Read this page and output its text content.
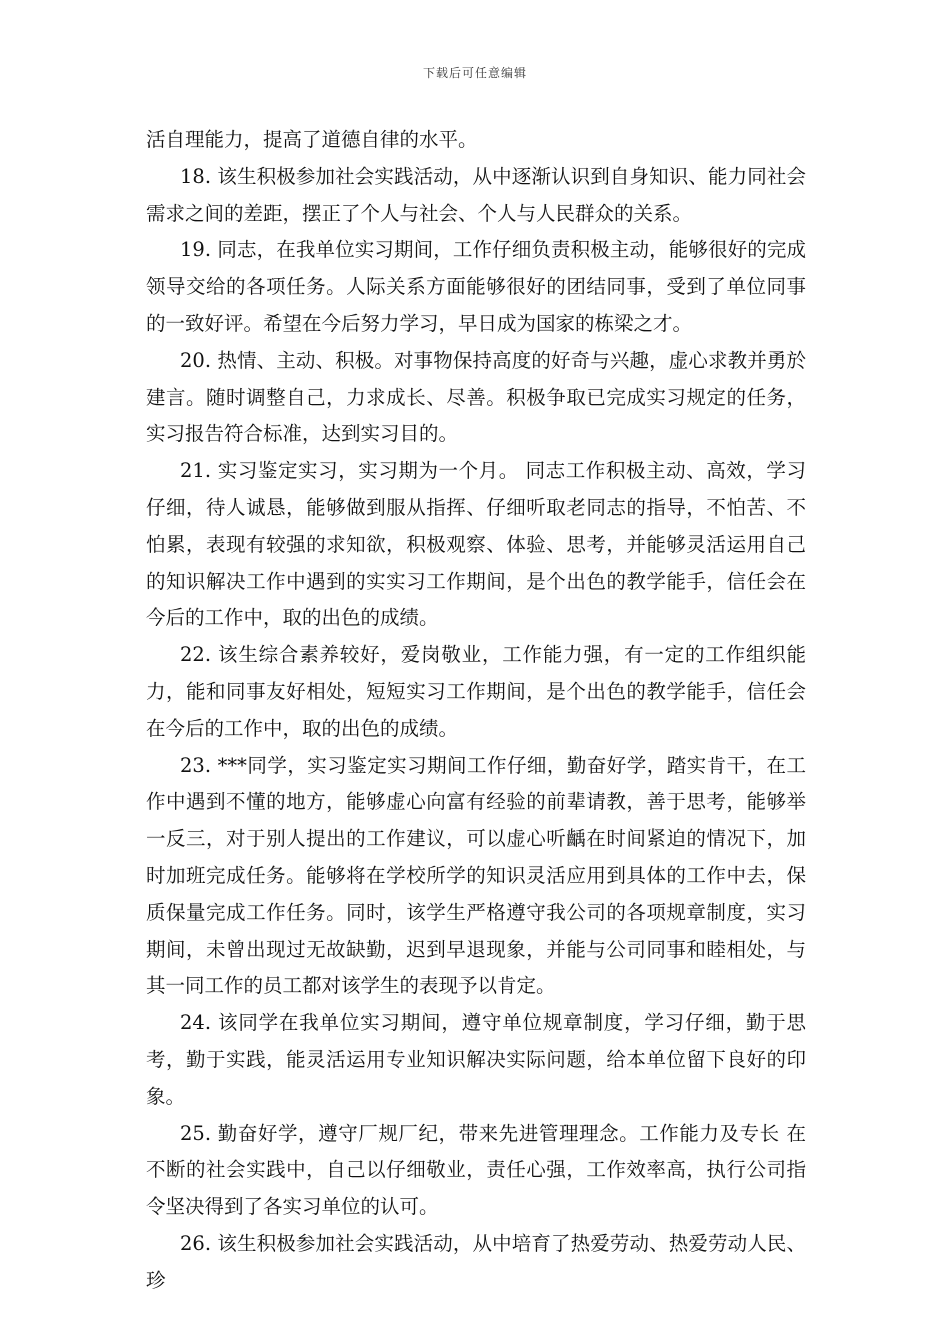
下载后可任意编辑

活自理能力，提高了道德自律的水平。

18. 该生积极参加社会实践活动，从中逐渐认识到自身知识、能力同社会需求之间的差距，摆正了个人与社会、个人与人民群众的关系。

19. 同志，在我单位实习期间，工作仔细负责积极主动，能够很好的完成领导交给的各项任务。人际关系方面能够很好的团结同事，受到了单位同事的一致好评。希望在今后努力学习，早日成为国家的栋梁之才。

20. 热情、主动、积极。对事物保持高度的好奇与兴趣，虚心求教并勇於建言。随时调整自己，力求成长、尽善。积极争取已完成实习规定的任务，实习报告符合标准，达到实习目的。

21. 实习鉴定实习，实习期为一个月。 同志工作积极主动、高效，学习仔细，待人诚恳，能够做到服从指挥、仔细听取老同志的指导，不怕苦、不怕累，表现有较强的求知欲，积极观察、体验、思考，并能够灵活运用自己的知识解决工作中遇到的实实习工作期间，是个出色的教学能手，信任会在今后的工作中，取的出色的成绩。

22. 该生综合素养较好，爱岗敬业，工作能力强，有一定的工作组织能力，能和同事友好相处，短短实习工作期间，是个出色的教学能手，信任会在今后的工作中，取的出色的成绩。

23. ***同学，实习鉴定实习期间工作仔细，勤奋好学，踏实肯干，在工作中遇到不懂的地方，能够虚心向富有经验的前辈请教，善于思考，能够举一反三，对于别人提出的工作建议，可以虚心听齲在时间紧迫的情况下，加时加班完成任务。能够将在学校所学的知识灵活应用到具体的工作中去，保质保量完成工作任务。同时，该学生严格遵守我公司的各项规章制度，实习期间，未曾出现过无故缺勤，迟到早退现象，并能与公司同事和睦相处，与其一同工作的员工都对该学生的表现予以肯定。

24. 该同学在我单位实习期间，遵守单位规章制度，学习仔细，勤于思考，勤于实践，能灵活运用专业知识解决实际问题，给本单位留下良好的印象。

25. 勤奋好学，遵守厂规厂纪，带来先进管理理念。工作能力及专长 在不断的社会实践中，自己以仔细敬业，责任心强，工作效率高，执行公司指令坚决得到了各实习单位的认可。

26. 该生积极参加社会实践活动，从中培育了热爱劳动、热爱劳动人民、珍
